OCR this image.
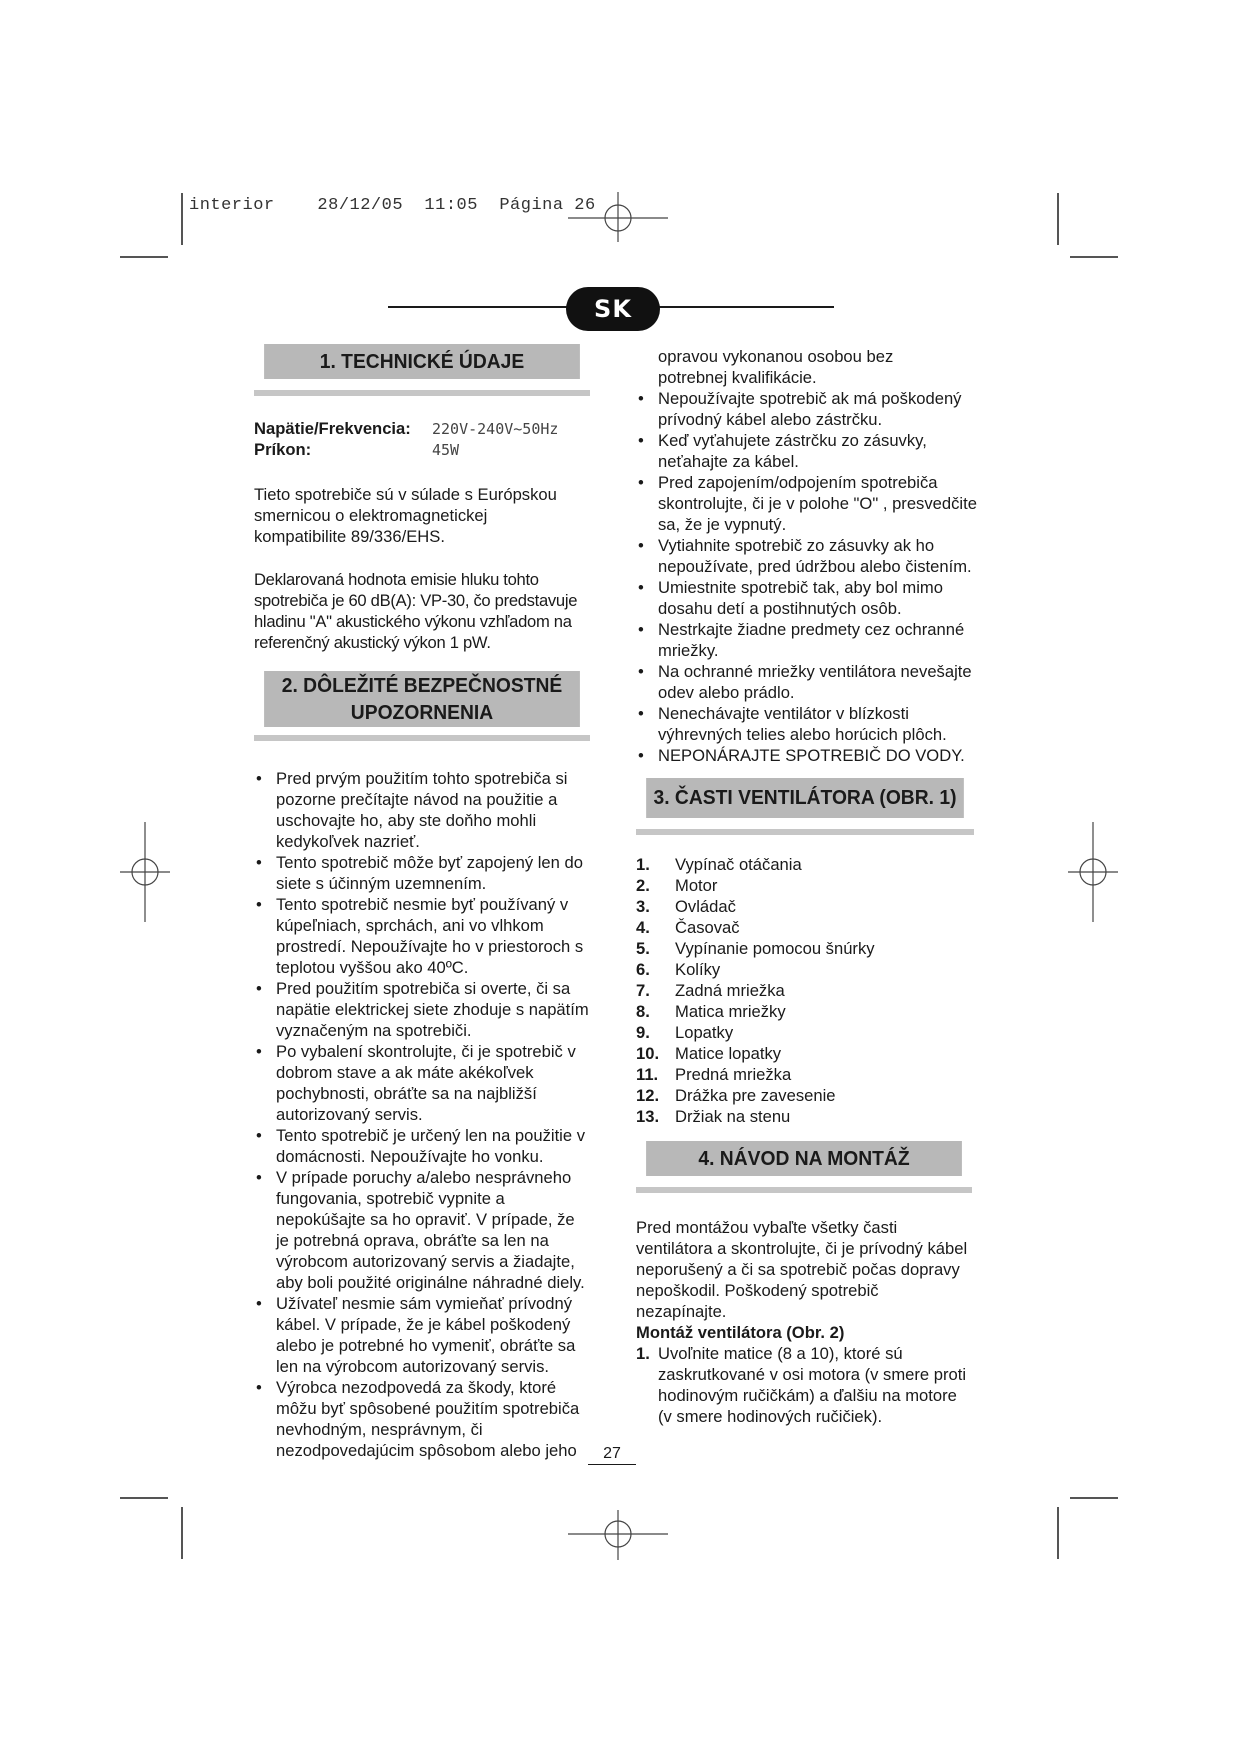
interior    28/12/05  11:05  Página 26
SK
1. TECHNICKÉ ÚDAJE
Napätie/Frekvencia:	220V-240V~50Hz
Príkon:	45W

Tieto spotrebiče sú v súlade s Európskou smernicou o elektromagnetickej kompatibilite 89/336/EHS.

Deklarovaná hodnota emisie hluku tohto spotrebiča je 60 dB(A): VP-30, čo predstavuje hladinu "A" akustického výkonu vzhľadom na referenčný akustický výkon 1 pW.

2. DÔLEŽITÉ BEZPEČNOSTNÉ
UPOZORNENIA
• Pred prvým použitím tohto spotrebiča si pozorne prečítajte návod na použitie a uschovajte ho, aby ste doňho mohli kedykoľvek nazrieť.
• Tento spotrebič môže byť zapojený len do siete s účinným uzemnením.
• Tento spotrebič nesmie byť používaný v kúpeľniach, sprchách, ani vo vlhkom prostredí. Nepoužívajte ho v priestoroch s teplotou vyššou ako 40ºC.
• Pred použitím spotrebiča si overte, či sa napätie elektrickej siete zhoduje s napätím vyznačeným na spotrebiči.
• Po vybalení skontrolujte, či je spotrebič v dobrom stave a ak máte akékoľvek pochybnosti, obráťte sa na najbližší autorizovaný servis.
• Tento spotrebič je určený len na použitie v domácnosti. Nepoužívajte ho vonku.
• V prípade poruchy a/alebo nesprávneho fungovania, spotrebič vypnite a nepokúšajte sa ho opraviť. V prípade, že je potrebná oprava, obráťte sa len na výrobcom autorizovaný servis a žiadajte, aby boli použité originálne náhradné diely.
• Užívateľ nesmie sám vymieňať prívodný kábel. V prípade, že je kábel poškodený alebo je potrebné ho vymeniť, obráťte sa len na výrobcom autorizovaný servis.
• Výrobca nezodpovedá za škody, ktoré môžu byť spôsobené použitím spotrebiča nevhodným, nesprávnym, či nezodpovedajúcim spôsobom alebo jeho

opravou vykonanou osobou bez potrebnej kvalifikácie.

• Nepoužívajte spotrebič ak má poškodený prívodný kábel alebo zástrčku.
• Keď vyťahujete zástrčku zo zásuvky, neťahajte za kábel.
• Pred zapojením/odpojením spotrebiča skontrolujte, či je v polohe "O" , presvedčite sa, že je vypnutý.
• Vytiahnite spotrebič zo zásuvky ak ho nepoužívate, pred údržbou alebo čistením.
• Umiestnite spotrebič tak, aby bol mimo dosahu detí a postihnutých osôb.
• Nestrkajte žiadne predmety cez ochranné mriežky.
• Na ochranné mriežky ventilátora nevešajte odev alebo prádlo.
• Nenechávajte ventilátor v blízkosti výhrevných telies alebo horúcich plôch.
• NEPONÁRAJTE SPOTREBIČ DO VODY.
3. ČASTI VENTILÁTORA (OBR. 1)
1.	Vypínač otáčania
2.	Motor
3.	Ovládač
4.	Časovač
5.	Vypínanie pomocou šnúrky
6.	Kolíky
7.	Zadná mriežka
8.	Matica mriežky
9.	Lopatky
10. Matice lopatky
11.	Predná mriežka
12. Drážka pre zavesenie
13. Držiak na stenu
4. NÁVOD NA MONTÁŽ

Pred montážou vybaľte všetky časti ventilátora a skontrolujte, či je prívodný kábel neporušený a či sa spotrebič počas dopravy nepoškodil. Poškodený spotrebič nezapínajte.

Montáž ventilátora (Obr. 2)

1. Uvoľnite matice (8 a 10), ktoré sú zaskrutkované v osi motora (v smere proti hodinovým ručičkám) a ďalšiu na motore (v smere hodinových ručičiek).
27
